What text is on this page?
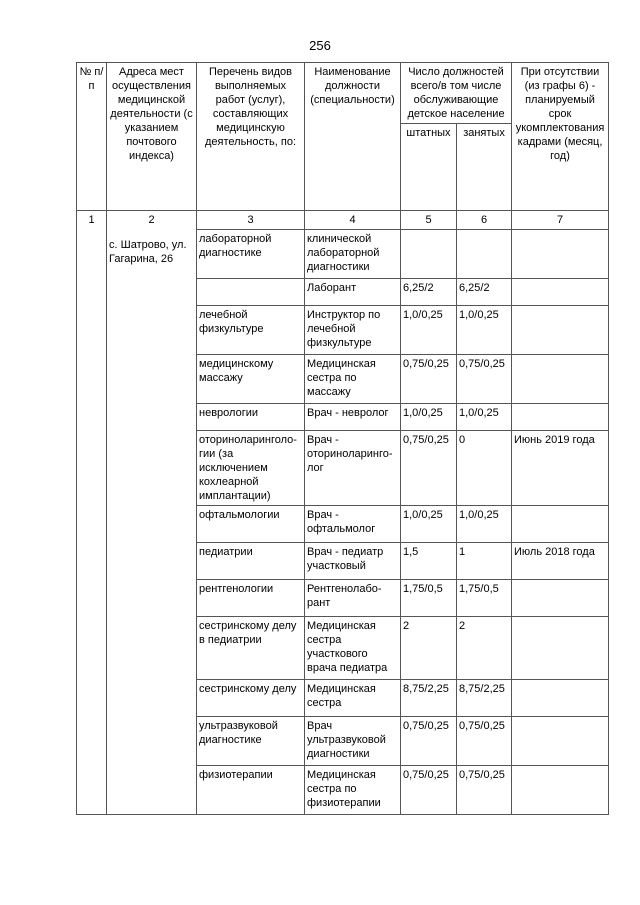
256
№ п/п	Адреса мест осуществления медицинской деятельности (с указанием почтового индекса)	Перечень видов выполняемых работ (услуг), составляющих медицинскую деятельность, по:	Наименование должности (специальности)	Число должностей всего/в том числе обслуживающие детское население		При отсутствии (из графы 6) - планируемый срок укомплектования кадрами (месяц, год)
				штатных	занятых	
1	2	3	4	5	6	7
	с. Шатрово, ул. Гагарина, 26	лабораторной диагностике	клинической лабораторной диагностики			
			Лаборант	6,25/2	6,25/2	
		лечебной физкультуре	Инструктор по лечебной физкультуре	1,0/0,25	1,0/0,25	
		медицинскому массажу	Медицинская сестра по массажу	0,75/0,25	0,75/0,25	
		неврологии	Врач - невролог	1,0/0,25	1,0/0,25	
		оториноларинголо-гии (за исключением кохлеарной имплантации)	Врач - оториноларинго-лог	0,75/0,25	0	Июнь 2019 года
		офтальмологии	Врач - офтальмолог	1,0/0,25	1,0/0,25	
		педиатрии	Врач - педиатр участковый	1,5	1	Июль 2018 года
		рентгенологии	Рентгенолабо-рант	1,75/0,5	1,75/0,5	
		сестринскому делу в педиатрии	Медицинская сестра участкового врача педиатра	2	2	
		сестринскому делу	Медицинская сестра	8,75/2,25	8,75/2,25	
		ультразвуковой диагностике	Врач ультразвуковой диагностики	0,75/0,25	0,75/0,25	
		физиотерапии	Медицинская сестра по физиотерапии	0,75/0,25	0,75/0,25	
